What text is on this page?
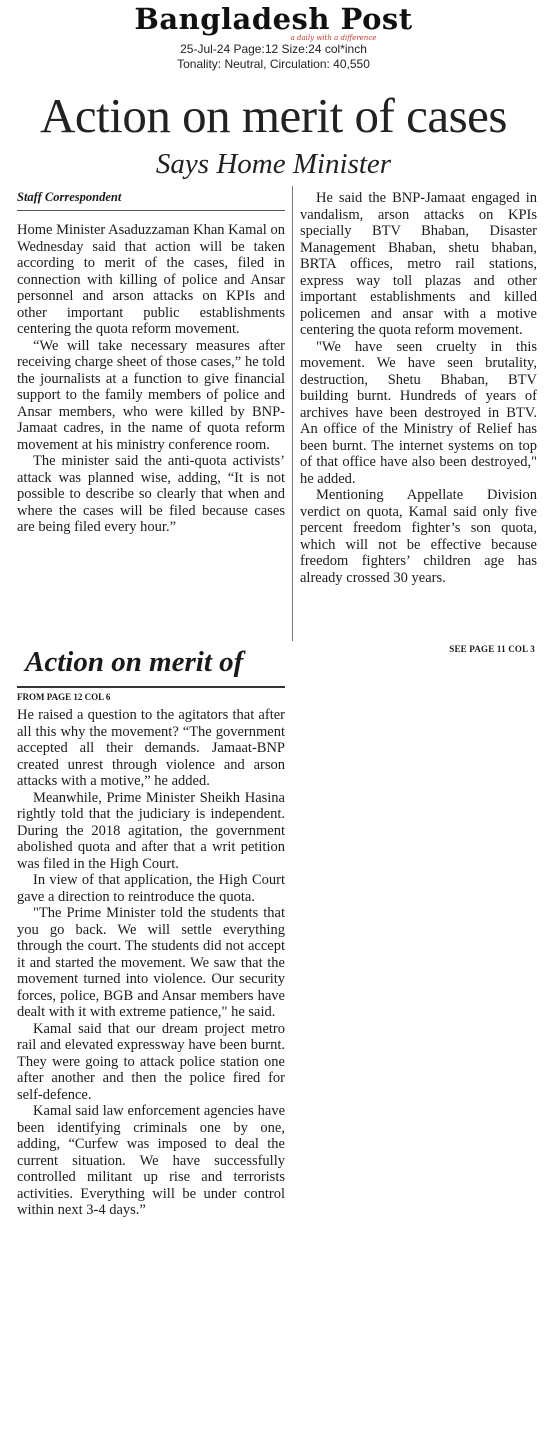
Bangladesh Post
a daily with a difference
25-Jul-24 Page:12 Size:24 col*inch
Tonality: Neutral, Circulation: 40,550
Action on merit of cases
Says Home Minister
Staff Correspondent

Home Minister Asaduzzaman Khan Kamal on Wednesday said that action will be taken according to merit of the cases, filed in connection with killing of police and Ansar personnel and arson attacks on KPIs and other important public establishments centering the quota reform movement.

“We will take necessary measures after receiving charge sheet of those cases,” he told the journalists at a function to give financial support to the family members of police and Ansar members, who were killed by BNP-Jamaat cadres, in the name of quota reform movement at his ministry conference room.

The minister said the anti-quota activists’ attack was planned wise, adding, “It is not possible to describe so clearly that when and where the cases will be filed because cases are being filed every hour.”

He said the BNP-Jamaat engaged in vandalism, arson attacks on KPIs specially BTV Bhaban, Disaster Management Bhaban, shetu bhaban, BRTA offices, metro rail stations, express way toll plazas and other important establishments and killed policemen and ansar with a motive centering the quota reform movement.

"We have seen cruelty in this movement. We have seen brutality, destruction, Shetu Bhaban, BTV building burnt. Hundreds of years of archives have been destroyed in BTV. An office of the Ministry of Relief has been burnt. The internet systems on top of that office have also been destroyed," he added.

Mentioning Appellate Division verdict on quota, Kamal said only five percent freedom fighter’s son quota, which will not be effective because freedom fighters’ children age has already crossed 30 years.

SEE PAGE 11 COL 3
Action on merit of
FROM PAGE 12 COL 6

He raised a question to the agitators that after all this why the movement? “The government accepted all their demands. Jamaat-BNP created unrest through violence and arson attacks with a motive,” he added.

Meanwhile, Prime Minister Sheikh Hasina rightly told that the judiciary is independent. During the 2018 agitation, the government abolished quota and after that a writ petition was filed in the High Court.

In view of that application, the High Court gave a direction to reintroduce the quota.

"The Prime Minister told the students that you go back. We will settle everything through the court. The students did not accept it and started the movement. We saw that the movement turned into violence. Our security forces, police, BGB and Ansar members have dealt with it with extreme patience," he said.

Kamal said that our dream project metro rail and elevated expressway have been burnt. They were going to attack police station one after another and then the police fired for self-defence.

Kamal said law enforcement agencies have been identifying criminals one by one, adding, “Curfew was imposed to deal the current situation. We have successfully controlled militant up rise and terrorists activities. Everything will be under control within next 3-4 days.”
